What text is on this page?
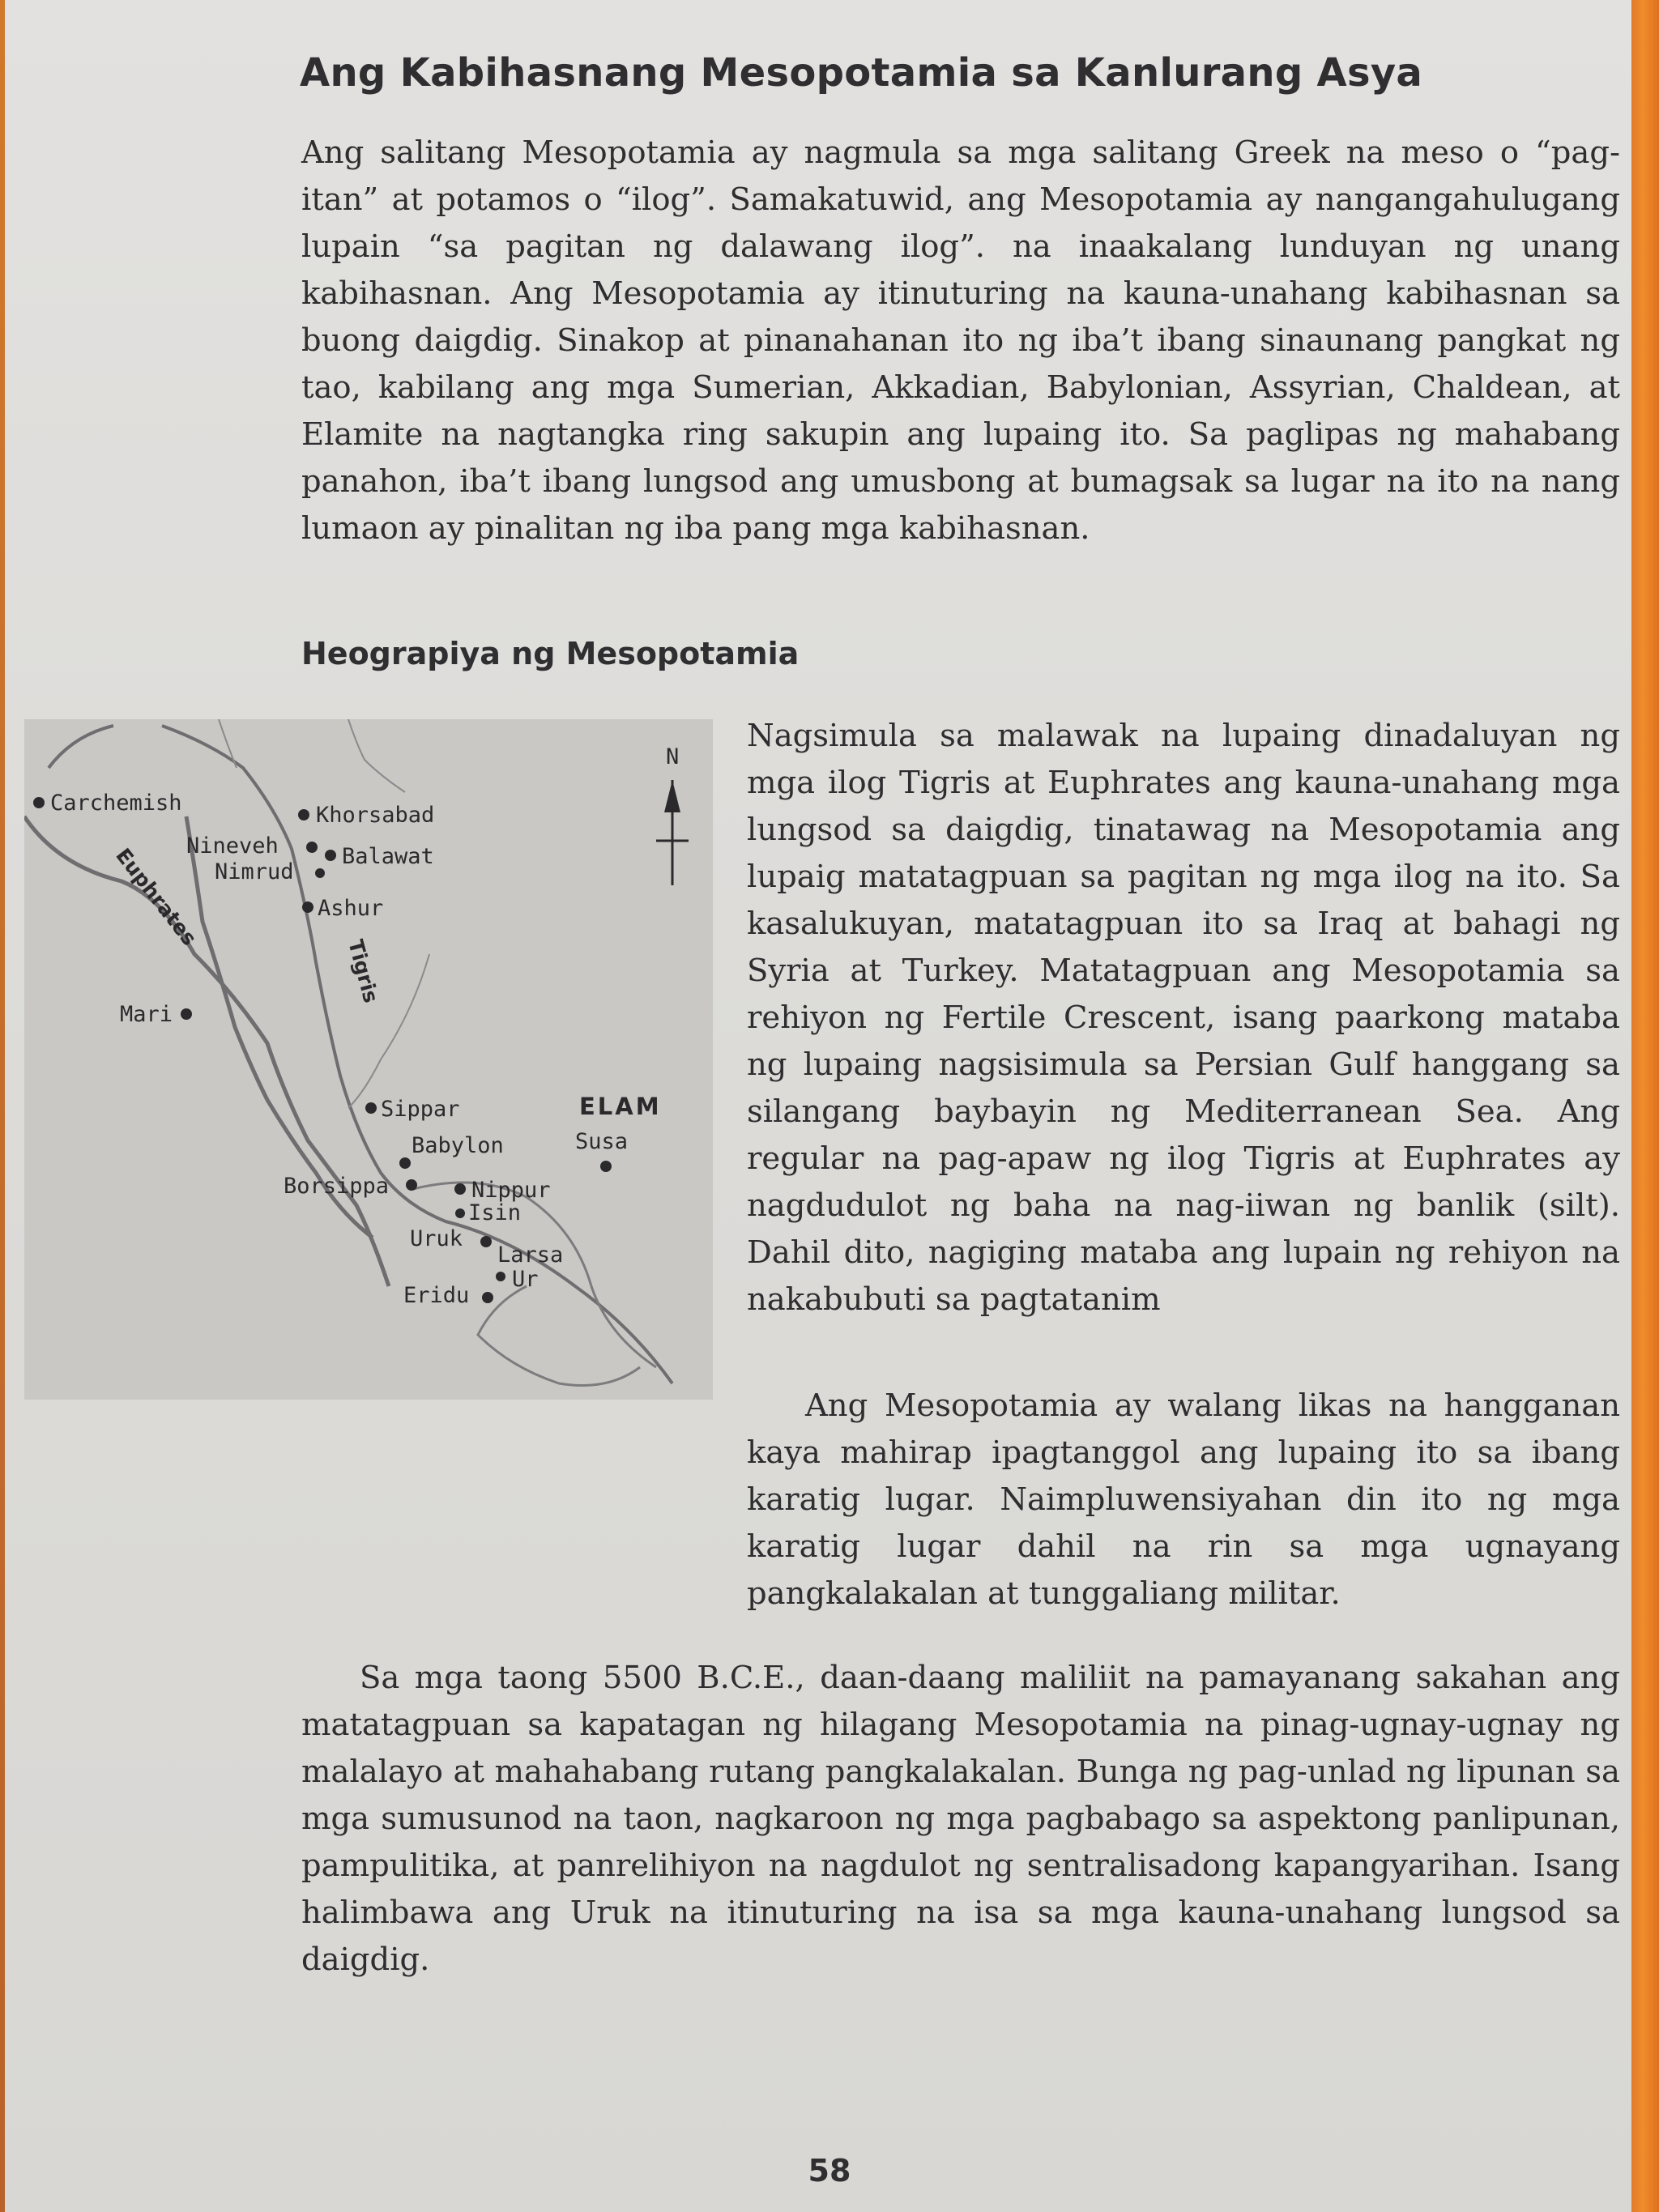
Ang Kabihasnang Mesopotamia sa Kanlurang Asya
Ang salitang Mesopotamia ay nagmula sa mga salitang Greek na meso o “pag-itan” at potamos o “ilog”. Samakatuwid, ang Mesopotamia ay nangangahulugang lupain “sa pagitan ng dalawang ilog”. na inaakalang lunduyan ng unang kabihasnan. Ang Mesopotamia ay itinuturing na kauna-unahang kabihasnan sa buong daigdig. Sinakop at pinanahanan ito ng iba’t ibang sinaunang pangkat ng tao, kabilang ang mga Sumerian, Akkadian, Babylonian, Assyrian, Chaldean, at Elamite na nagtangka ring sakupin ang lupaing ito. Sa paglipas ng mahabang panahon, iba’t ibang lungsod ang umusbong at bumagsak sa lugar na ito na nang lumaon ay pinalitan ng iba pang mga kabihasnan.
Heograpiya ng Mesopotamia
N
Carchemish	Khorsabad
Nineveh	Balawat
Nimrud
Ashur
Mari
Euphrates
Tigris
Sippar	ELAM
Babylon	Susa
Borsippa	Nippur
Isin
Uruk
Larsa
Ur
Eridu
Nagsimula sa malawak na lupaing dinadaluyan ng mga ilog Tigris at Euphrates ang kauna-unahang mga lungsod sa daigdig, tinatawag na Mesopotamia ang lupaig matatagpuan sa pagitan ng mga ilog na ito. Sa kasalukuyan, matatagpuan ito sa Iraq at bahagi ng Syria at Turkey. Matatagpuan ang Mesopotamia sa rehiyon ng Fertile Crescent, isang paarkong mataba ng lupaing nagsisimula sa Persian Gulf hanggang sa silangang baybayin ng Mediterranean Sea. Ang regular na pag-apaw ng ilog Tigris at Euphrates ay nagdudulot ng baha na nag-iiwan ng banlik (silt). Dahil dito, nagiging mataba ang lupain ng rehiyon na nakabubuti sa pagtatanim
Ang Mesopotamia ay walang likas na hangganan kaya mahirap ipagtanggol ang lupaing ito sa ibang karatig lugar. Naimpluwensiyahan din ito ng mga karatig lugar dahil na rin sa mga ugnayang pangkalakalan at tunggaliang militar.
Sa mga taong 5500 B.C.E., daan-daang maliliit na pamayanang sakahan ang matatagpuan sa kapatagan ng hilagang Mesopotamia na pinag-ugnay-ugnay ng malalayo at mahahabang rutang pangkalakalan. Bunga ng pag-unlad ng lipunan sa mga sumusunod na taon, nagkaroon ng mga pagbabago sa aspektong panlipunan, pampulitika, at panrelihiyon na nagdulot ng sentralisadong kapangyarihan. Isang halimbawa ang Uruk na itinuturing na isa sa mga kauna-unahang lungsod sa daigdig.
58
